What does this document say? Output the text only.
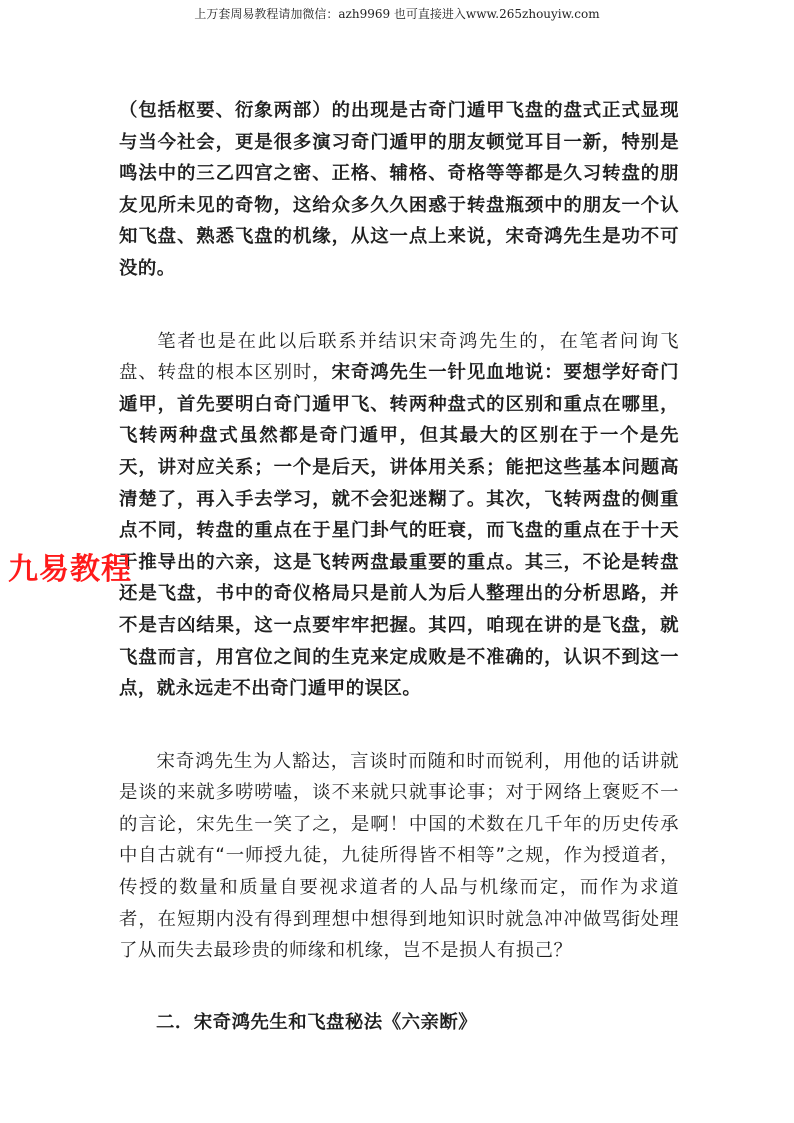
上万套周易教程请加微信：azh9969 也可直接进入www.265zhouyiw.com

（包括枢要、衍象两部）的出现是古奇门遁甲飞盘的盘式正式显现与当今社会，更是很多演习奇门遁甲的朋友顿觉耳目一新，特别是鸣法中的三乙四宫之密、正格、辅格、奇格等等都是久习转盘的朋友见所未见的奇物，这给众多久久困惑于转盘瓶颈中的朋友一个认知飞盘、熟悉飞盘的机缘，从这一点上来说，宋奇鸿先生是功不可没的。

笔者也是在此以后联系并结识宋奇鸿先生的，在笔者问询飞盘、转盘的根本区别时，宋奇鸿先生一针见血地说：要想学好奇门遁甲，首先要明白奇门遁甲飞、转两种盘式的区别和重点在哪里，飞转两种盘式虽然都是奇门遁甲，但其最大的区别在于一个是先天，讲对应关系；一个是后天，讲体用关系；能把这些基本问题高清楚了，再入手去学习，就不会犯迷糊了。其次，飞转两盘的侧重点不同，转盘的重点在于星门卦气的旺衰，而飞盘的重点在于十天干推导出的六亲，这是飞转两盘最重要的重点。其三，不论是转盘还是飞盘，书中的奇仪格局只是前人为后人整理出的分析思路，并不是吉凶结果，这一点要牢牢把握。其四，咱现在讲的是飞盘，就飞盘而言，用宫位之间的生克来定成败是不准确的，认识不到这一点，就永远走不出奇门遁甲的误区。

宋奇鸿先生为人豁达，言谈时而随和时而锐利，用他的话讲就是谈的来就多唠唠嗑，谈不来就只就事论事；对于网络上褒贬不一的言论，宋先生一笑了之，是啊！中国的术数在几千年的历史传承中自古就有“一师授九徒，九徒所得皆不相等”之规，作为授道者，传授的数量和质量自要视求道者的人品与机缘而定，而作为求道者，在短期内没有得到理想中想得到地知识时就急冲冲做骂街处理了从而失去最珍贵的师缘和机缘，岂不是损人有损己？

二．宋奇鸿先生和飞盘秘法《六亲断》
九易教程
